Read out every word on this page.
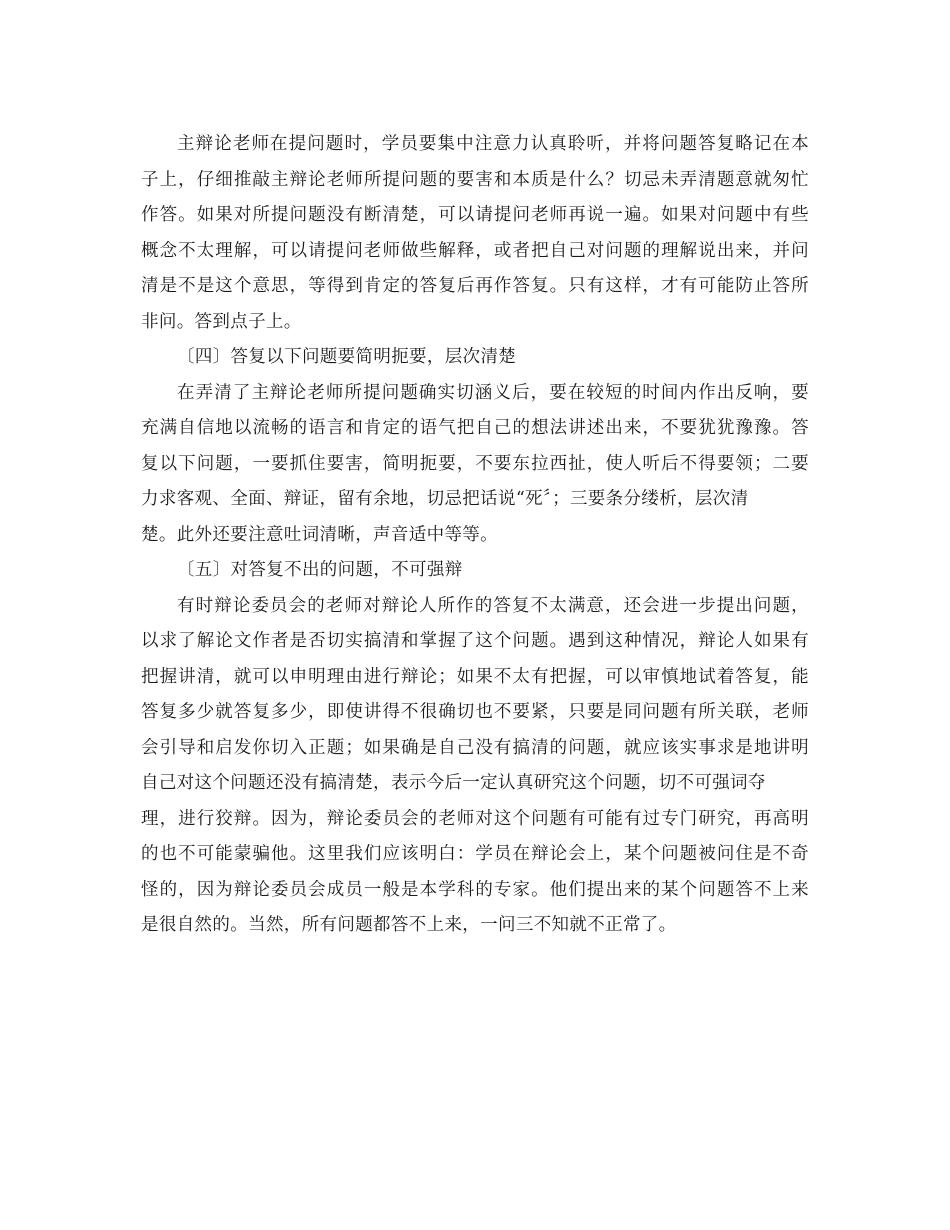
主辩论老师在提问题时，学员要集中注意力认真聆听，并将问题答复略记在本
子上，仔细推敲主辩论老师所提问题的要害和本质是什么？切忌未弄清题意就匆忙
作答。如果对所提问题没有断清楚，可以请提问老师再说一遍。如果对问题中有些
概念不太理解，可以请提问老师做些解释，或者把自己对问题的理解说出来，并问
清是不是这个意思，等得到肯定的答复后再作答复。只有这样，才有可能防止答所
非问。答到点子上。
〔四〕答复以下问题要简明扼要，层次清楚
在弄清了主辩论老师所提问题确实切涵义后，要在较短的时间内作出反响，要
充满自信地以流畅的语言和肯定的语气把自己的想法讲述出来，不要犹犹豫豫。答
复以下问题，一要抓住要害，简明扼要，不要东拉西扯，使人听后不得要领；二要
力求客观、全面、辩证，留有余地，切忌把话说“死〞；三要条分缕析，层次清
楚。此外还要注意吐词清晰，声音适中等等。
〔五〕对答复不出的问题，不可强辩
有时辩论委员会的老师对辩论人所作的答复不太满意，还会进一步提出问题，
以求了解论文作者是否切实搞清和掌握了这个问题。遇到这种情况，辩论人如果有
把握讲清，就可以申明理由进行辩论；如果不太有把握，可以审慎地试着答复，能
答复多少就答复多少，即使讲得不很确切也不要紧，只要是同问题有所关联，老师
会引导和启发你切入正题；如果确是自己没有搞清的问题，就应该实事求是地讲明
自己对这个问题还没有搞清楚，表示今后一定认真研究这个问题，切不可强词夺
理，进行狡辩。因为，辩论委员会的老师对这个问题有可能有过专门研究，再高明
的也不可能蒙骗他。这里我们应该明白：学员在辩论会上，某个问题被问住是不奇
怪的，因为辩论委员会成员一般是本学科的专家。他们提出来的某个问题答不上来
是很自然的。当然，所有问题都答不上来，一问三不知就不正常了。
